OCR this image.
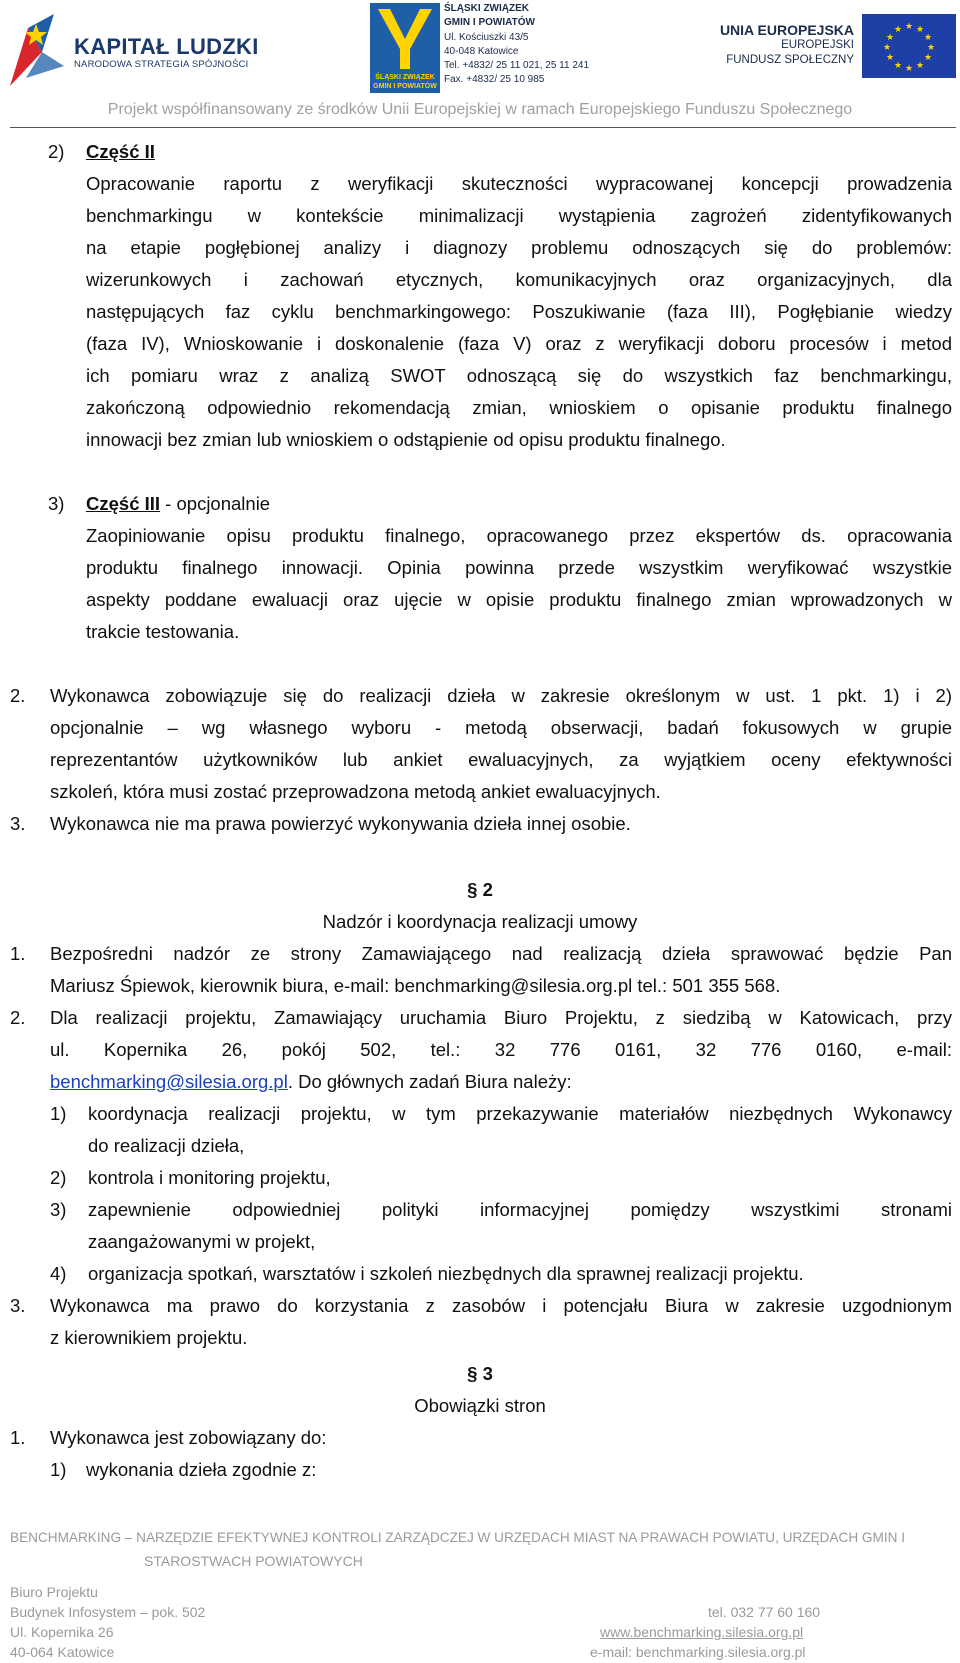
KAPITAŁ LUDZKI
NARODOWA STRATEGIA SPÓJNOŚCI
ŚLĄSKI ZWIĄZEK
GMIN I POWIATÓW
ŚLĄSKI ZWIĄZEK
GMIN I POWIATÓW
Ul. Kościuszki 43/5
40-048 Katowice
Tel. +4832/ 25 11 021, 25 11 241
Fax. +4832/ 25 10 985
UNIA EUROPEJSKA
EUROPEJSKI
FUNDUSZ SPOŁECZNY
★ ★
★
★
★
★
★
★
★
★
★
★
Projekt współfinansowany ze środków Unii Europejskiej w ramach Europejskiego Funduszu Społecznego
2) Część II
Opracowanie raportu z weryfikacji skuteczności wypracowanej koncepcji prowadzenia
benchmarkingu w kontekście minimalizacji wystąpienia zagrożeń zidentyfikowanych
na etapie pogłębionej analizy i diagnozy problemu odnoszących się do problemów:
wizerunkowych i zachowań etycznych, komunikacyjnych oraz organizacyjnych, dla
następujących faz cyklu benchmarkingowego: Poszukiwanie (faza III), Pogłębianie wiedzy
(faza IV), Wnioskowanie i doskonalenie (faza V) oraz z weryfikacji doboru procesów i metod
ich pomiaru wraz z analizą SWOT odnoszącą się do wszystkich faz benchmarkingu,
zakończoną odpowiednio rekomendacją zmian, wnioskiem o opisanie produktu finalnego
innowacji bez zmian lub wnioskiem o odstąpienie od opisu produktu finalnego.
3) Część III - opcjonalnie
Zaopiniowanie opisu produktu finalnego, opracowanego przez ekspertów ds. opracowania
produktu finalnego innowacji. Opinia powinna przede wszystkim weryfikować wszystkie
aspekty poddane ewaluacji oraz ujęcie w opisie produktu finalnego zmian wprowadzonych w
trakcie testowania.
2. Wykonawca zobowiązuje się do realizacji dzieła w zakresie określonym w ust. 1 pkt. 1) i 2)
opcjonalnie – wg własnego wyboru - metodą obserwacji, badań fokusowych w grupie
reprezentantów użytkowników lub ankiet ewaluacyjnych, za wyjątkiem oceny efektywności
szkoleń, która musi zostać przeprowadzona metodą ankiet ewaluacyjnych.
3. Wykonawca nie ma prawa powierzyć wykonywania dzieła innej osobie.
§ 2
Nadzór i koordynacja realizacji umowy
1. Bezpośredni nadzór ze strony Zamawiającego nad realizacją dzieła sprawować będzie Pan
Mariusz Śpiewok, kierownik biura, e-mail: benchmarking@silesia.org.pl tel.: 501 355 568.
2. Dla realizacji projektu, Zamawiający uruchamia Biuro Projektu, z siedzibą w Katowicach, przy
ul. Kopernika 26, pokój 502, tel.: 32 776 0161, 32 776 0160, e-mail:
benchmarking@silesia.org.pl. Do głównych zadań Biura należy:
1) koordynacja realizacji projektu, w tym przekazywanie materiałów niezbędnych Wykonawcy
do realizacji dzieła,
2) kontrola i monitoring projektu,
3) zapewnienie odpowiedniej polityki informacyjnej pomiędzy wszystkimi stronami
zaangażowanymi w projekt,
4) organizacja spotkań, warsztatów i szkoleń niezbędnych dla sprawnej realizacji projektu.
3. Wykonawca ma prawo do korzystania z zasobów i potencjału Biura w zakresie uzgodnionym
z kierownikiem projektu.
§ 3
Obowiązki stron
1. Wykonawca jest zobowiązany do:
1) wykonania dzieła zgodnie z:
BENCHMARKING – NARZĘDZIE EFEKTYWNEJ KONTROLI ZARZĄDCZEJ W URZĘDACH MIAST NA PRAWACH POWIATU, URZĘDACH GMIN I
STAROSTWACH POWIATOWYCH
Biuro Projektu
Budynek Infosystem – pok. 502
Ul. Kopernika 26
40-064 Katowice
tel. 032 77 60 160
www.benchmarking.silesia.org.pl
e-mail: benchmarking.silesia.org.pl
